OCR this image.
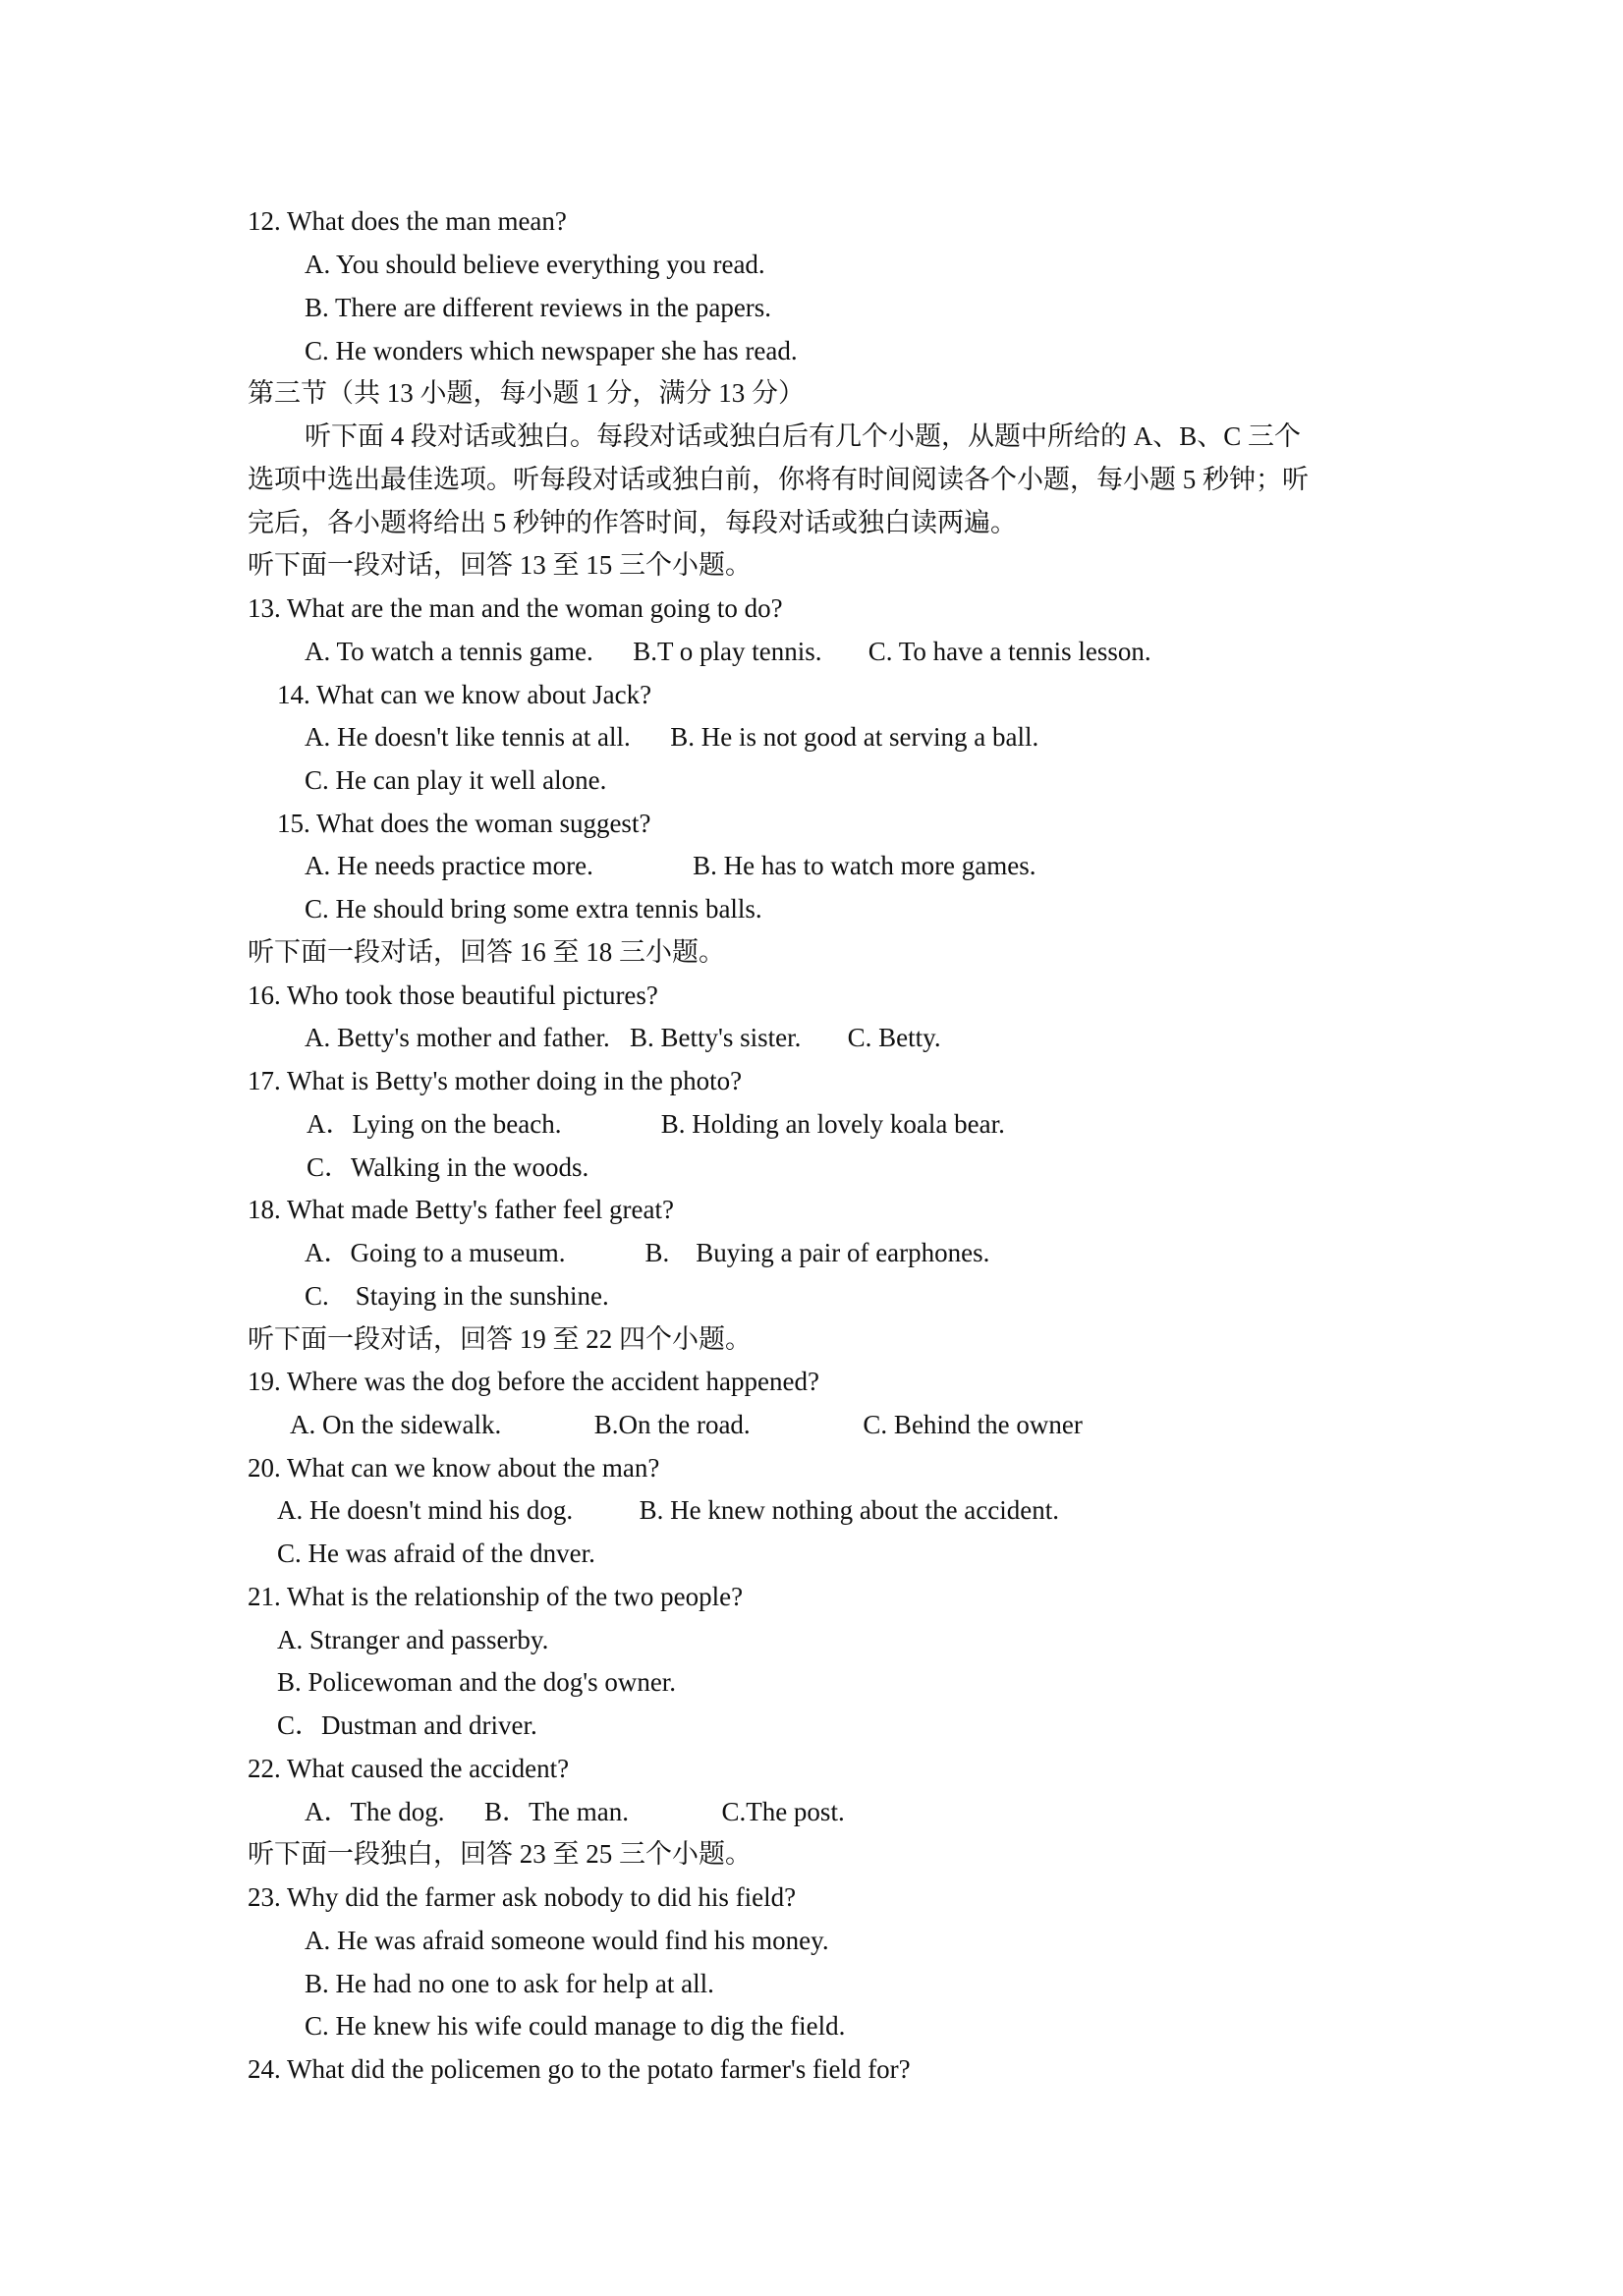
12. What does the man mean?
A. You should believe everything you read.
B. There are different reviews in the papers.
C. He wonders which newspaper she has read.
第三节（共 13 小题，每小题 1 分，满分 13 分）
听下面 4 段对话或独白。每段对话或独白后有几个小题，从题中所给的 A、B、C 三个
选项中选出最佳选项。听每段对话或独白前，你将有时间阅读各个小题，每小题 5 秒钟；听
完后，各小题将给出 5 秒钟的作答时间，每段对话或独白读两遍。
听下面一段对话，回答 13 至 15 三个小题。
13. What are the man and the woman going to do?
A. To watch a tennis game.      B.T o play tennis.       C. To have a tennis lesson.
14. What can we know about Jack?
A. He doesn't like tennis at all.      B. He is not good at serving a ball.
C. He can play it well alone.
15. What does the woman suggest?
A. He needs practice more.               B. He has to watch more games.
C. He should bring some extra tennis balls.
听下面一段对话，回答 16 至 18 三小题。
16. Who took those beautiful pictures?
A. Betty's mother and father.   B. Betty's sister.       C. Betty.
17. What is Betty's mother doing in the photo?
A．Lying on the beach.               B. Holding an lovely koala bear.
C．Walking in the woods.
18. What made Betty's father feel great?
A．Going to a museum.            B.    Buying a pair of earphones.
C.    Staying in the sunshine.
听下面一段对话，回答 19 至 22 四个小题。
19. Where was the dog before the accident happened?
A. On the sidewalk.              B.On the road.                 C. Behind the owner
20. What can we know about the man?
A. He doesn't mind his dog.          B. He knew nothing about the accident.
C. He was afraid of the dnver.
21. What is the relationship of the two people?
A. Stranger and passerby.
B. Policewoman and the dog's owner.
C．Dustman and driver.
22. What caused the accident?
A．The dog.      B．The man.              C.The post.
听下面一段独白，回答 23 至 25 三个小题。
23. Why did the farmer ask nobody to did his field?
A. He was afraid someone would find his money.
B. He had no one to ask for help at all.
C. He knew his wife could manage to dig the field.
24. What did the policemen go to the potato farmer's field for?
